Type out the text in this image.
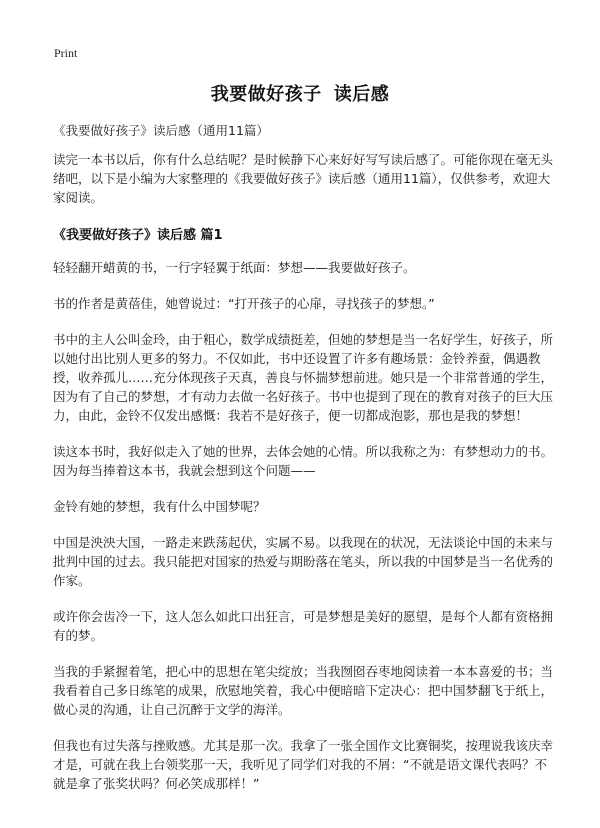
Print
我要做好孩子 读后感

《我要做好孩子》读后感（通用11篇）

读完一本书以后，你有什么总结呢？是时候静下心来好好写写读后感了。可能你现在毫无头绪吧，以下是小编为大家整理的《我要做好孩子》读后感（通用11篇），仅供参考，欢迎大家阅读。

《我要做好孩子》读后感 篇1

轻轻翻开蜡黄的书，一行字轻翼于纸面：梦想——我要做好孩子。

书的作者是黄蓓佳，她曾说过：“打开孩子的心扉，寻找孩子的梦想。”

书中的主人公叫金玲，由于粗心，数学成绩挺差，但她的梦想是当一名好学生，好孩子，所以她付出比别人更多的努力。不仅如此，书中还设置了许多有趣场景：金铃养蚕，偶遇教授，收养孤儿……充分体现孩子天真，善良与怀揣梦想前进。她只是一个非常普通的学生，因为有了自己的梦想，才有动力去做一名好孩子。书中也提到了现在的教育对孩子的巨大压力，由此，金铃不仅发出感慨：我若不是好孩子，便一切都成泡影，那也是我的梦想！

读这本书时，我好似走入了她的世界，去体会她的心情。所以我称之为：有梦想动力的书。因为每当捧着这本书，我就会想到这个问题——

金铃有她的梦想，我有什么中国梦呢？

中国是泱泱大国，一路走来跌荡起伏，实属不易。以我现在的状况，无法谈论中国的未来与批判中国的过去。我只能把对国家的热爱与期盼落在笔头，所以我的中国梦是当一名优秀的作家。

或许你会齿冷一下，这人怎么如此口出狂言，可是梦想是美好的愿望，是每个人都有资格拥有的梦。

当我的手紧握着笔，把心中的思想在笔尖绽放；当我囫囵吞枣地阅读着一本本喜爱的书；当我看着自己多日练笔的成果，欣慰地笑着，我心中便暗暗下定决心：把中国梦翻飞于纸上，做心灵的沟通，让自己沉醉于文学的海洋。

但我也有过失落与挫败感。尤其是那一次。我拿了一张全国作文比赛铜奖，按理说我该庆幸才是，可就在我上台领奖那一天，我听见了同学们对我的不屑：“不就是语文课代表吗？不就是拿了张奖状吗？何必笑成那样！”
